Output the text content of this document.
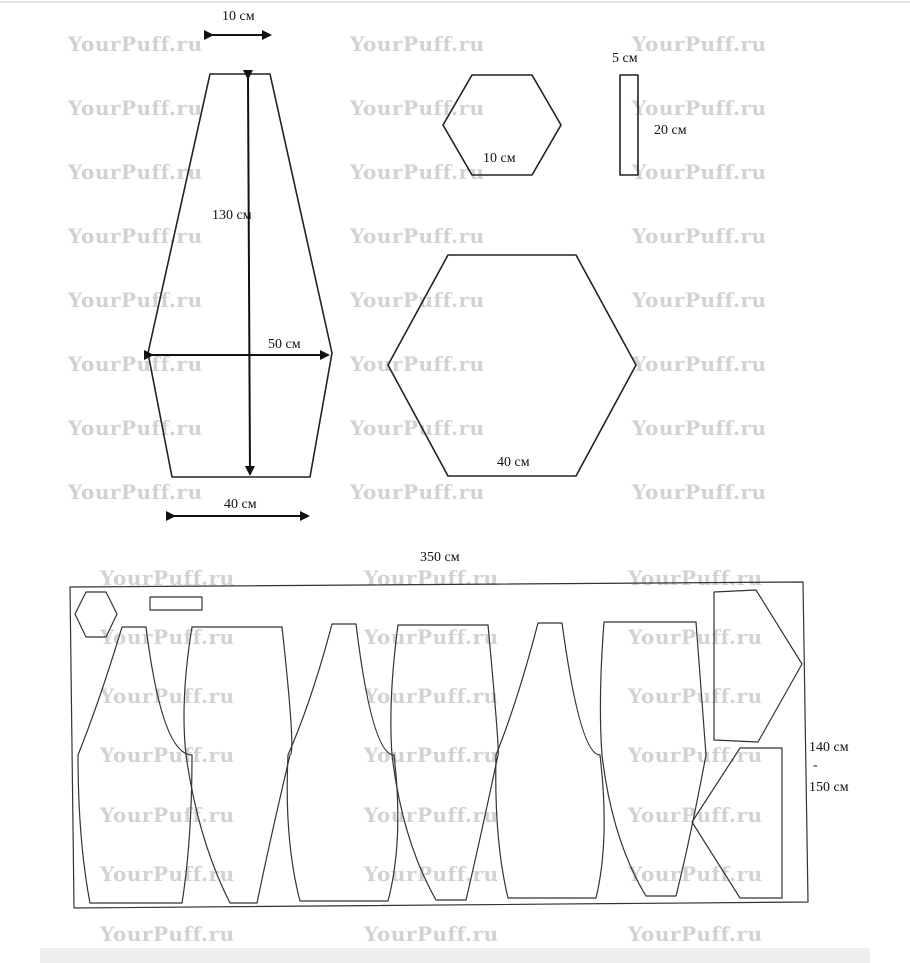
YourPuff.ru	YourPuff.ru	YourPuff.ru
YourPuff.ru	YourPuff.ru	YourPuff.ru
YourPuff.ru	YourPuff.ru	YourPuff.ru
YourPuff.ru	YourPuff.ru	YourPuff.ru
YourPuff.ru	YourPuff.ru	YourPuff.ru
YourPuff.ru	YourPuff.ru	YourPuff.ru
YourPuff.ru	YourPuff.ru	YourPuff.ru
YourPuff.ru	YourPuff.ru	YourPuff.ru
YourPuff.ru	YourPuff.ru	YourPuff.ru
YourPuff.ru	YourPuff.ru	YourPuff.ru
YourPuff.ru	YourPuff.ru	YourPuff.ru
YourPuff.ru	YourPuff.ru	YourPuff.ru
YourPuff.ru	YourPuff.ru	YourPuff.ru
YourPuff.ru	YourPuff.ru	YourPuff.ru
YourPuff.ru	YourPuff.ru	YourPuff.ru
10 см
130 см
50 см
40 см
10 см
5 см
20 см
40 см
350 см
140 см
-
150 см
